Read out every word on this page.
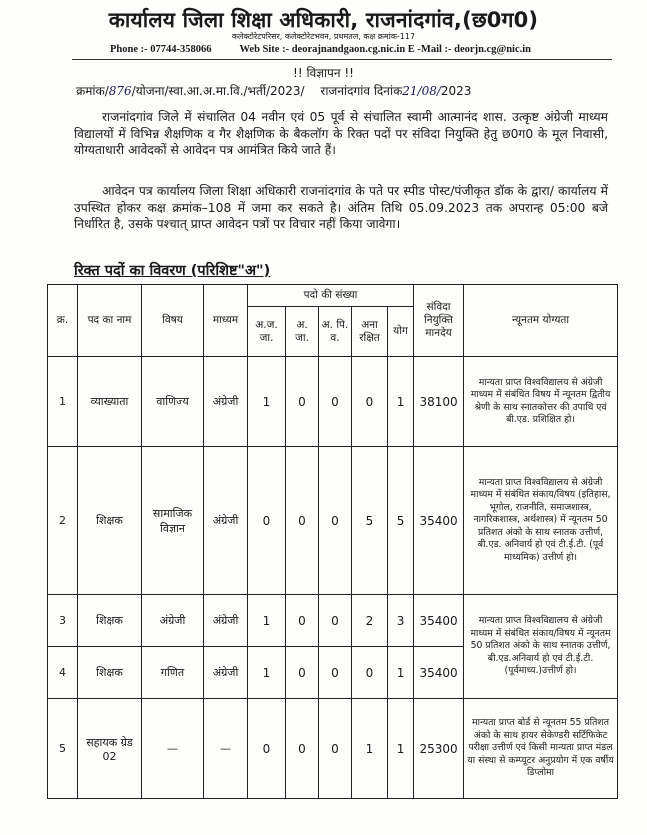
कार्यालय जिला शिक्षा अधिकारी, राजनांदगांव,(छ0ग0)
कलेक्टोरेटपरिसर, कलेक्टोरेटभवन, प्रथमतल, कक्ष क्रमांक-117
Phone :- 07744-358066	Web Site :- deorajnandgaon.cg.nic.in E -Mail :- deorjn.cg@nic.in
!! विज्ञापन !!
क्रमांक/876/योजना/स्वा.आ.अ.मा.वि./भर्ती/2023/ राजनांदगांव दिनांक21/08/2023

राजनांदगांव जिले में संचालित 04 नवीन एवं 05 पूर्व से संचालित स्वामी आत्मानंद शास. उत्कृष्ट अंग्रेजी माध्यम विद्यालयों में विभिन्न शैक्षणिक व गैर शैक्षणिक के बैकलॉग के रिक्त पदों पर संविदा नियुक्ति हेतु छ0ग0 के मूल निवासी, योग्यताधारी आवेदकों से आवेदन पत्र आमंत्रित किये जाते हैं।

आवेदन पत्र कार्यालय जिला शिक्षा अधिकारी राजनांदगांव के पते पर स्पीड पोस्ट/पंजीकृत डॉक के द्वारा/ कार्यालय में उपस्थित होकर कक्ष क्रमांक–108 में जमा कर सकते है। अंतिम तिथि 05.09.2023 तक अपरान्ह 05:00 बजे निर्धारित है, उसके पश्चात् प्राप्त आवेदन पत्रों पर विचार नहीं किया जावेगा।

रिक्त पदों का विवरण (परिशिष्ट"अ")
क्र.	पद का नाम	विषय	माध्यम	पदो की संख्या					संविदा नियुक्ति मानदेय	न्यूनतम योग्यता
				अ.ज. जा.	अ. जा.	अ. पि. व.	अना रक्षित	योग		
1	व्याख्याता	वाणिज्य	अंग्रेजी	1	0	0	0	1	38100	मान्यता प्राप्त विश्वविद्यालय से अंग्रेजी माध्यम में संबंधित विषय में न्यूनतम द्वितीय श्रेणी के साथ स्नातकोत्तर की उपाधि एवं बी.एड. प्रशिक्षित हो।
2	शिक्षक	सामाजिक विज्ञान	अंग्रेजी	0	0	0	5	5	35400	मान्यता प्राप्त विश्वविद्यालय से अंग्रेजी माध्यम में संबंधित संकाय/विषय (इतिहास, भूगोल, राजनीति, समाजशास्त्र, नागरिकशास्त्र, अर्थशास्त्र) में न्यूनतम 50 प्रतिशत अंको के साथ स्नातक उत्तीर्ण, बी.एड. अनिवार्य हो एवं टी.ई.टी. (पूर्व माध्यमिक) उत्तीर्ण हो।
3	शिक्षक	अंग्रेजी	अंग्रेजी	1	0	0	2	3	35400	मान्यता प्राप्त विश्वविद्यालय से अंग्रेजी माध्यम में संबंधित संकाय/विषय में न्यूनतम 50 प्रतिशत अंको के साथ स्नातक उत्तीर्ण, बी.एड.अनिवार्य हो एवं टी.ई.टी. (पूर्वमाध्य.)उत्तीर्ण हो।
4	शिक्षक	गणित	अंग्रेजी	1	0	0	0	1	35400	
5	सहायक ग्रेड 02	—	—	0	0	0	1	1	25300	मान्यता प्राप्त बोर्ड से न्यूनतम 55 प्रतिशत अंको के साथ हायर सेकेण्डरी सर्टिफिकेट परीक्षा उत्तीर्ण एवं किसी मान्यता प्राप्त मंडल या संस्था से कम्प्यूटर अनुप्रयोग में एक वर्षीय डिप्लोमा
